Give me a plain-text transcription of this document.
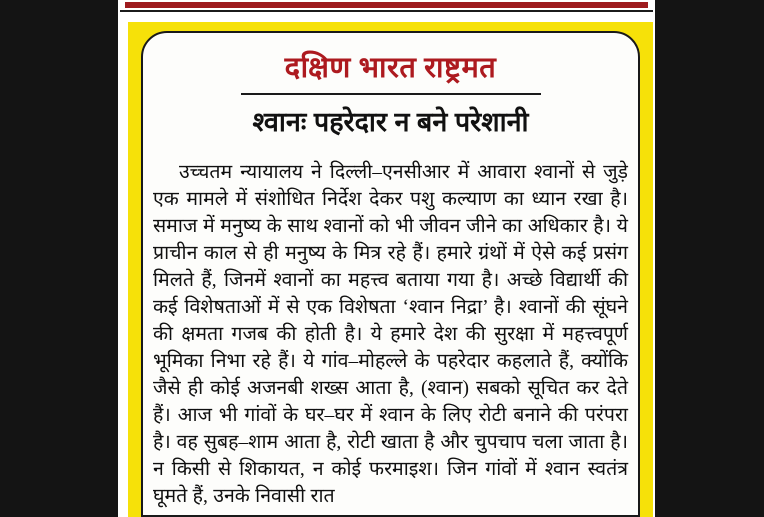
दक्षिण भारत राष्ट्रमत
श्वानः पहरेदार न बने परेशानी

उच्चतम न्यायालय ने दिल्ली–एनसीआर में आवारा श्वानों से जुड़े एक मामले में संशोधित निर्देश देकर पशु कल्याण का ध्यान रखा है। समाज में मनुष्य के साथ श्वानों को भी जीवन जीने का अधिकार है। ये प्राचीन काल से ही मनुष्य के मित्र रहे हैं। हमारे ग्रंथों में ऐसे कई प्रसंग मिलते हैं, जिनमें श्वानों का महत्त्व बताया गया है। अच्छे विद्यार्थी की कई विशेषताओं में से एक विशेषता ‘श्वान निद्रा’ है। श्वानों की सूंघने की क्षमता गजब की होती है। ये हमारे देश की सुरक्षा में महत्त्वपूर्ण भूमिका निभा रहे हैं। ये गांव–मोहल्ले के पहरेदार कहलाते हैं, क्योंकि जैसे ही कोई अजनबी शख्स आता है, (श्वान) सबको सूचित कर देते हैं। आज भी गांवों के घर–घर में श्वान के लिए रोटी बनाने की परंपरा है। वह सुबह–शाम आता है, रोटी खाता है और चुपचाप चला जाता है। न किसी से शिकायत, न कोई फरमाइश। जिन गांवों में श्वान स्वतंत्र घूमते हैं, उनके निवासी रात
